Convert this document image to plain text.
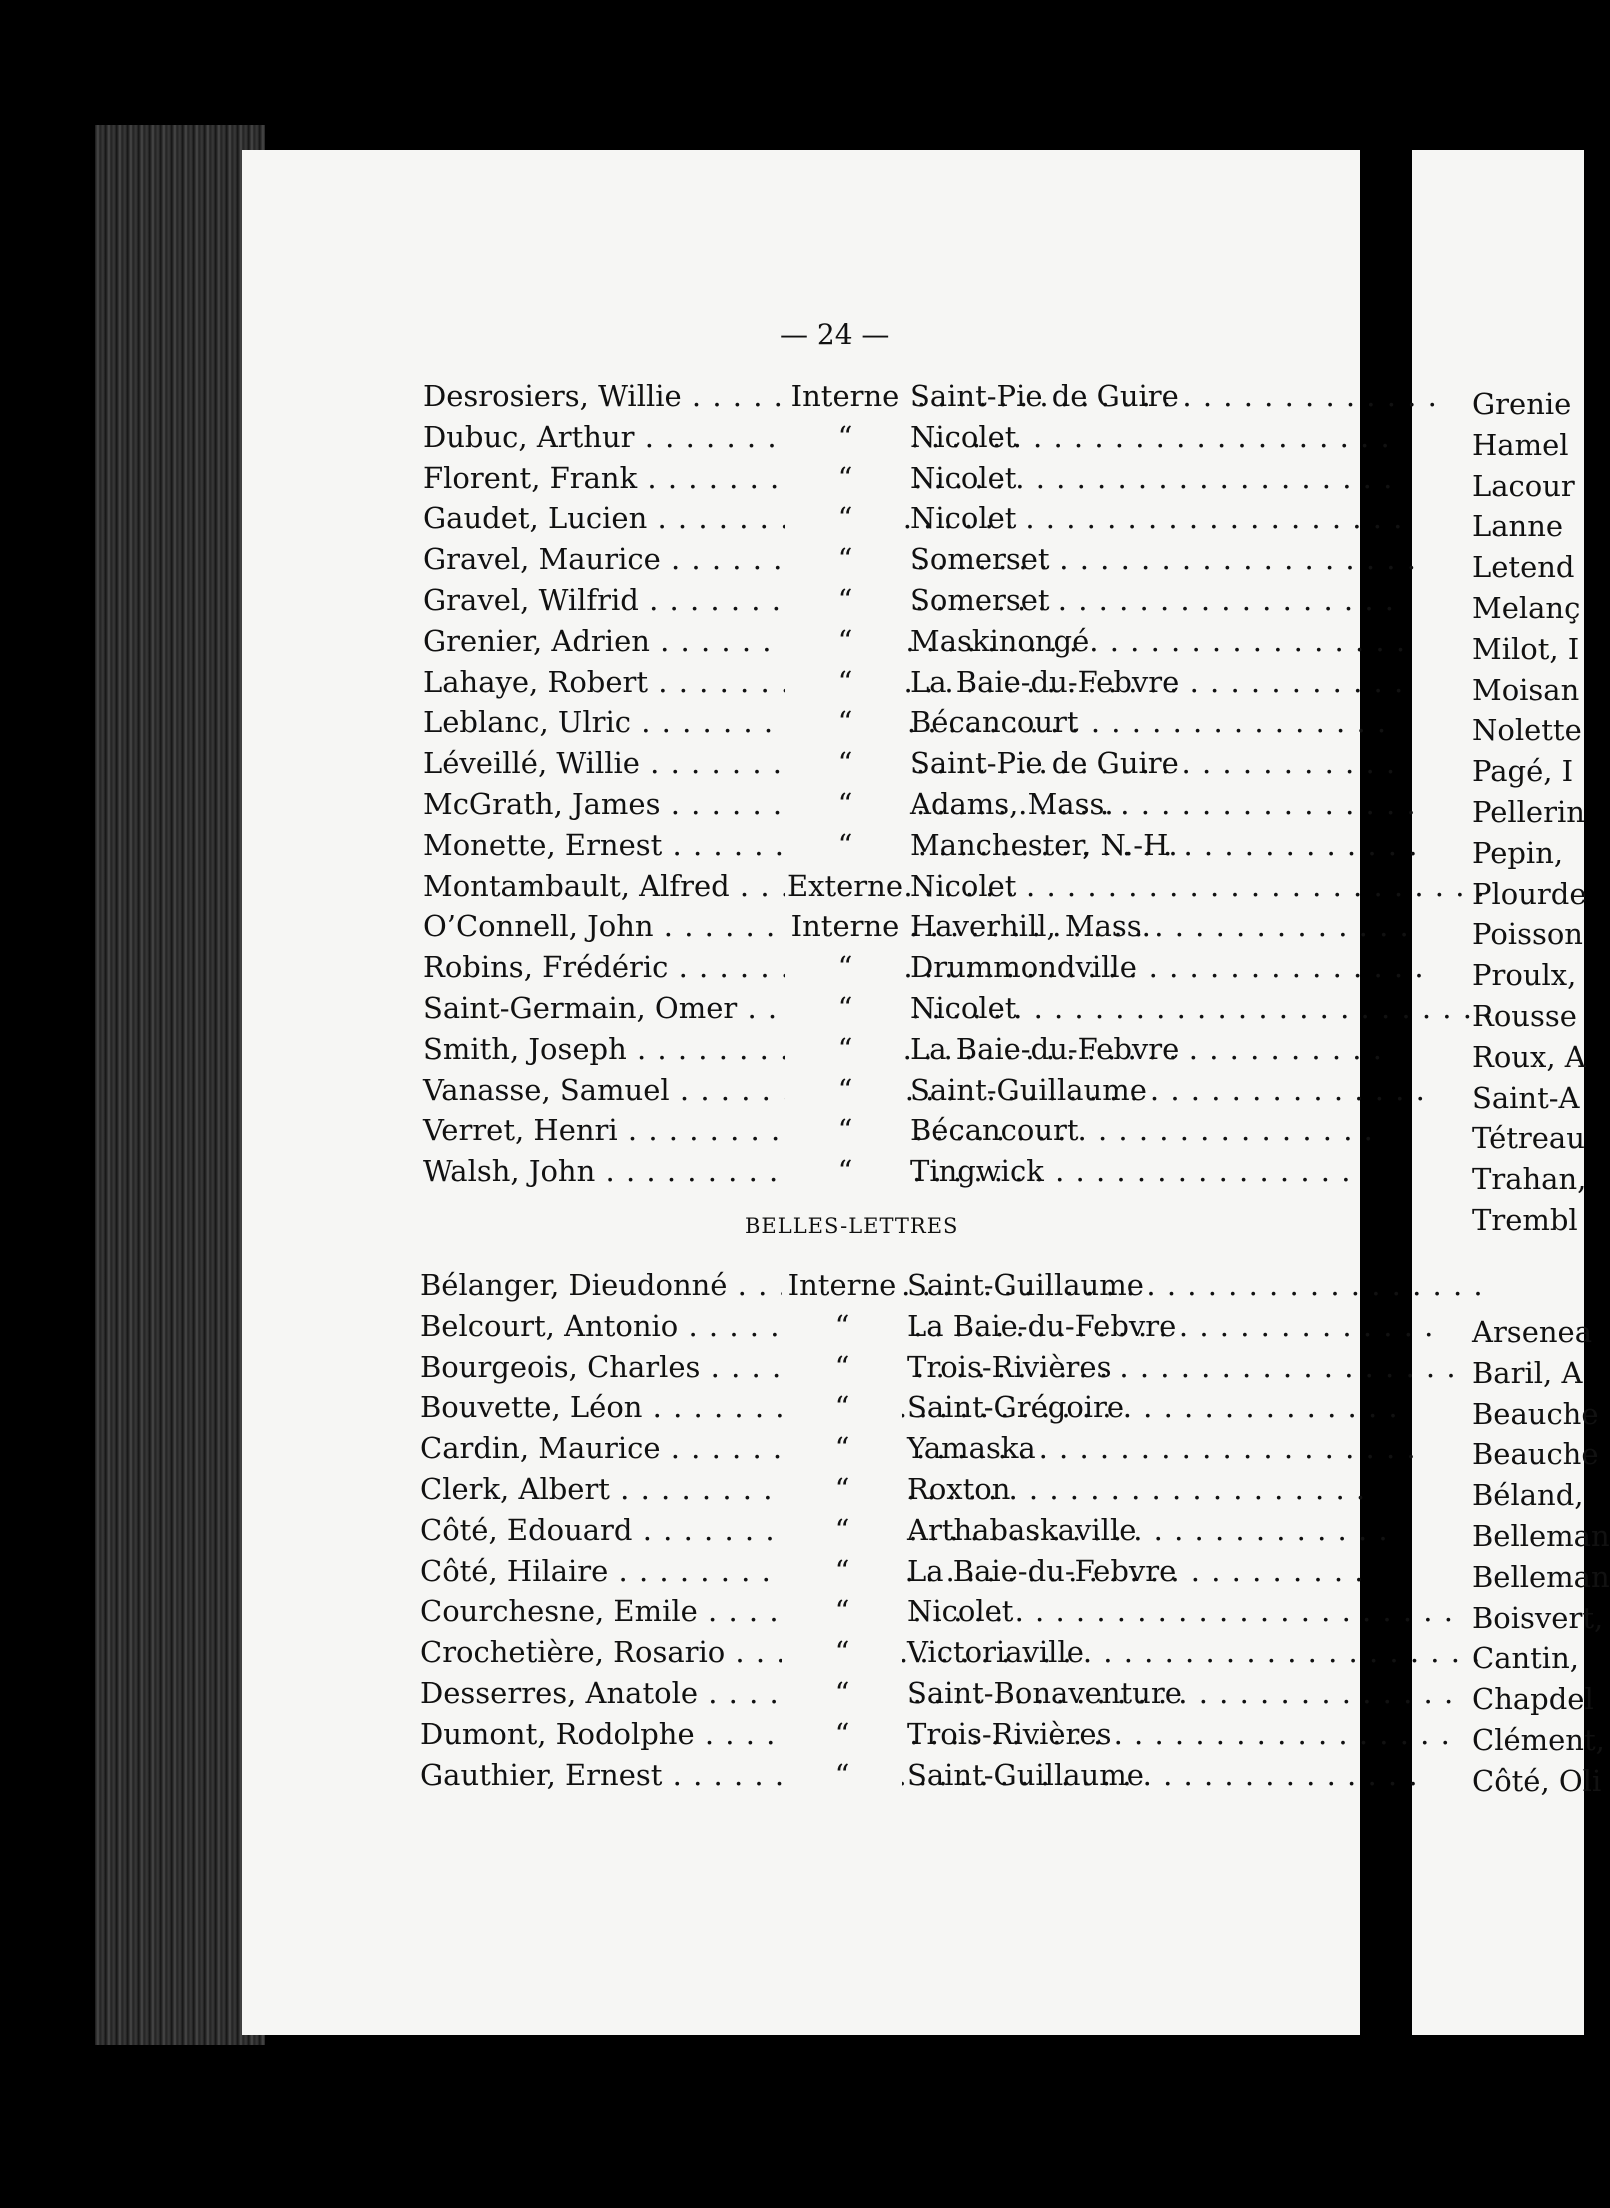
— 24 —
Desrosiers, Willie . . .	Interne Saint-Pie de Guire
Dubuc, Arthur . . .	“	Nicolet
Florent, Frank . . .	“	Nicolet
Gaudet, Lucien . . .	“	Nicolet
Gravel, Maurice . . .	“	Somerset
Gravel, Wilfrid . . .	“	Somerset
Grenier, Adrien . . .	“	Maskinongé
Lahaye, Robert . . .	“	La Baie-du-Febvre
Leblanc, Ulric . . .	“	Bécancourt
Léveillé, Willie . . .	“	Saint-Pie de Guire
McGrath, James . . .	“	Adams, Mass.
Monette, Ernest . . .	“	Manchester, N.-H.
Montambault, Alfred . . .	Externe Nicolet
O’Connell, John . . .	Interne Haverhill, Mass.
Robins, Frédéric . . .	“	Drummondville
Saint-Germain, Omer . . .	“	Nicolet
Smith, Joseph . . .	“	La Baie-du-Febvre
Vanasse, Samuel . . .	“	Saint-Guillaume
Verret, Henri . . .	“	Bécancourt
Walsh, John . . .	“	Tingwick
BELLES-LETTRES
Bélanger, Dieudonné . . .	Interne Saint-Guillaume
Belcourt, Antonio . . .	“	La Baie-du-Febvre
Bourgeois, Charles . . .	“	Trois-Rivières
Bouvette, Léon . . .	“	Saint-Grégoire
Cardin, Maurice . . .	“	Yamaska
Clerk, Albert . . .	“	Roxton
Côté, Edouard . . .	“	Arthabaskaville
Côté, Hilaire . . .	“	La Baie-du-Febvre
Courchesne, Emile . . .	“	Nicolet
Crochetière, Rosario . . .	“	Victoriaville
Desserres, Anatole . . .	“	Saint-Bonaventure
Dumont, Rodolphe . . .	“	Trois-Rivières
Gauthier, Ernest . . .	“	Saint-Guillaume
Grenie
Hamel
Lacour
Lanne
Letend
Melanç
Milot, I
Moisan
Nolette
Pagé, I
Pellerin
Pepin,
Plourde
Poisson
Proulx,
Rousse
Roux, A
Saint-A
Tétreau
Trahan,
Trembl
Arsenea
Baril, A
Beauche
Beauche
Béland,
Belleman
Belleman
Boisvert,
Cantin,
Chapdel
Clément,
Côté, Oli
